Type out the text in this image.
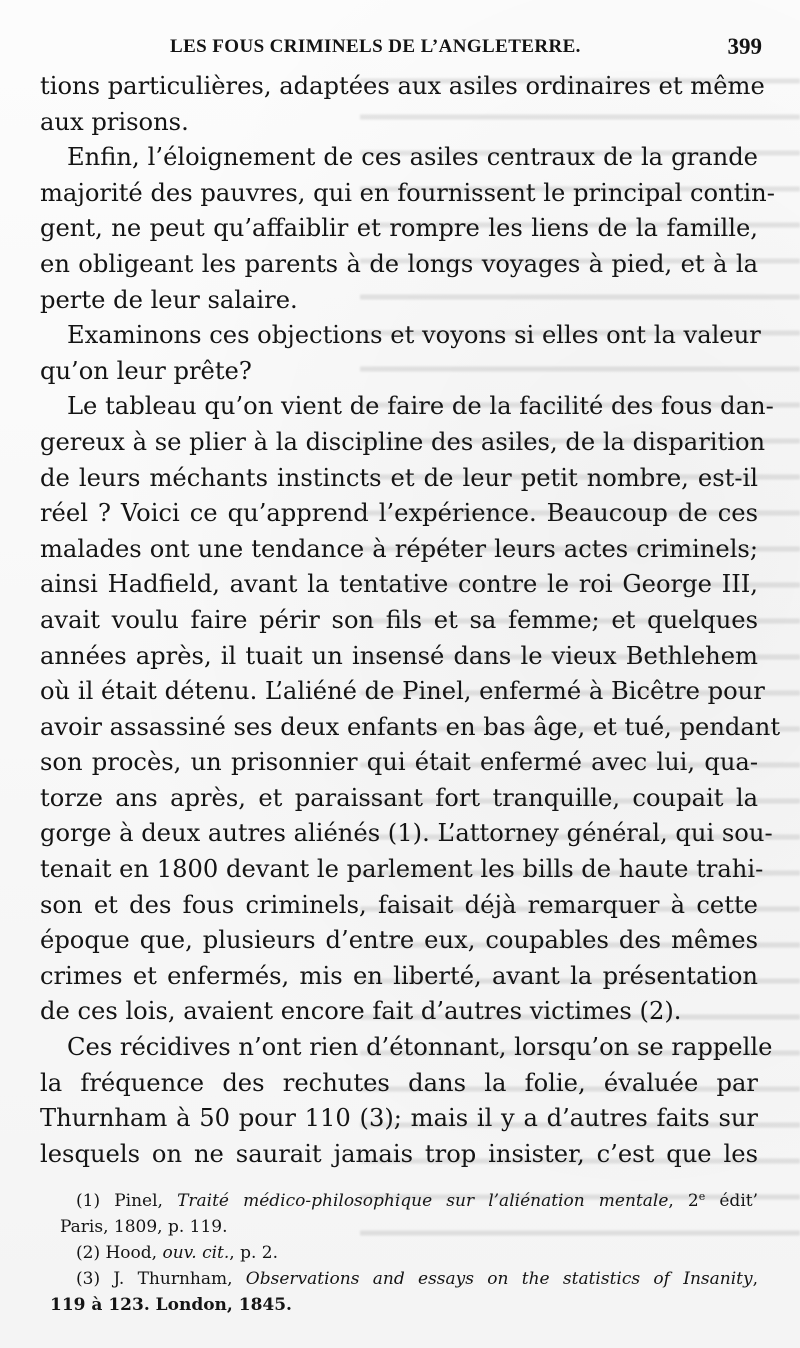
LES FOUS CRIMINELS DE L’ANGLETERRE.	399
tions particulières, adaptées aux asiles ordinaires et même
aux prisons.
Enfin, l’éloignement de ces asiles centraux de la grande
majorité des pauvres, qui en fournissent le principal contin-
gent, ne peut qu’affaiblir et rompre les liens de la famille,
en obligeant les parents à de longs voyages à pied, et à la
perte de leur salaire.
Examinons ces objections et voyons si elles ont la valeur
qu’on leur prête?
Le tableau qu’on vient de faire de la facilité des fous dan-
gereux à se plier à la discipline des asiles, de la disparition
de leurs méchants instincts et de leur petit nombre, est-il
réel ? Voici ce qu’apprend l’expérience. Beaucoup de ces
malades ont une tendance à répéter leurs actes criminels;
ainsi Hadfield, avant la tentative contre le roi George III,
avait voulu faire périr son fils et sa femme; et quelques
années après, il tuait un insensé dans le vieux Bethlehem
où il était détenu. L’aliéné de Pinel, enfermé à Bicêtre pour
avoir assassiné ses deux enfants en bas âge, et tué, pendant
son procès, un prisonnier qui était enfermé avec lui, qua-
torze ans après, et paraissant fort tranquille, coupait la
gorge à deux autres aliénés (1). L’attorney général, qui sou-
tenait en 1800 devant le parlement les bills de haute trahi-
son et des fous criminels, faisait déjà remarquer à cette
époque que, plusieurs d’entre eux, coupables des mêmes
crimes et enfermés, mis en liberté, avant la présentation
de ces lois, avaient encore fait d’autres victimes (2).
Ces récidives n’ont rien d’étonnant, lorsqu’on se rappelle
la fréquence des rechutes dans la folie, évaluée par
Thurnham à 50 pour 110 (3); mais il y a d’autres faits sur
lesquels on ne saurait jamais trop insister, c’est que les
(1) Pinel, Traité médico-philosophique sur l’aliénation mentale, 2e édit’
Paris, 1809, p. 119.
(2) Hood, ouv. cit., p. 2.
(3) J. Thurnham, Observations and essays on the statistics of Insanity,
119 à 123. London, 1845.
